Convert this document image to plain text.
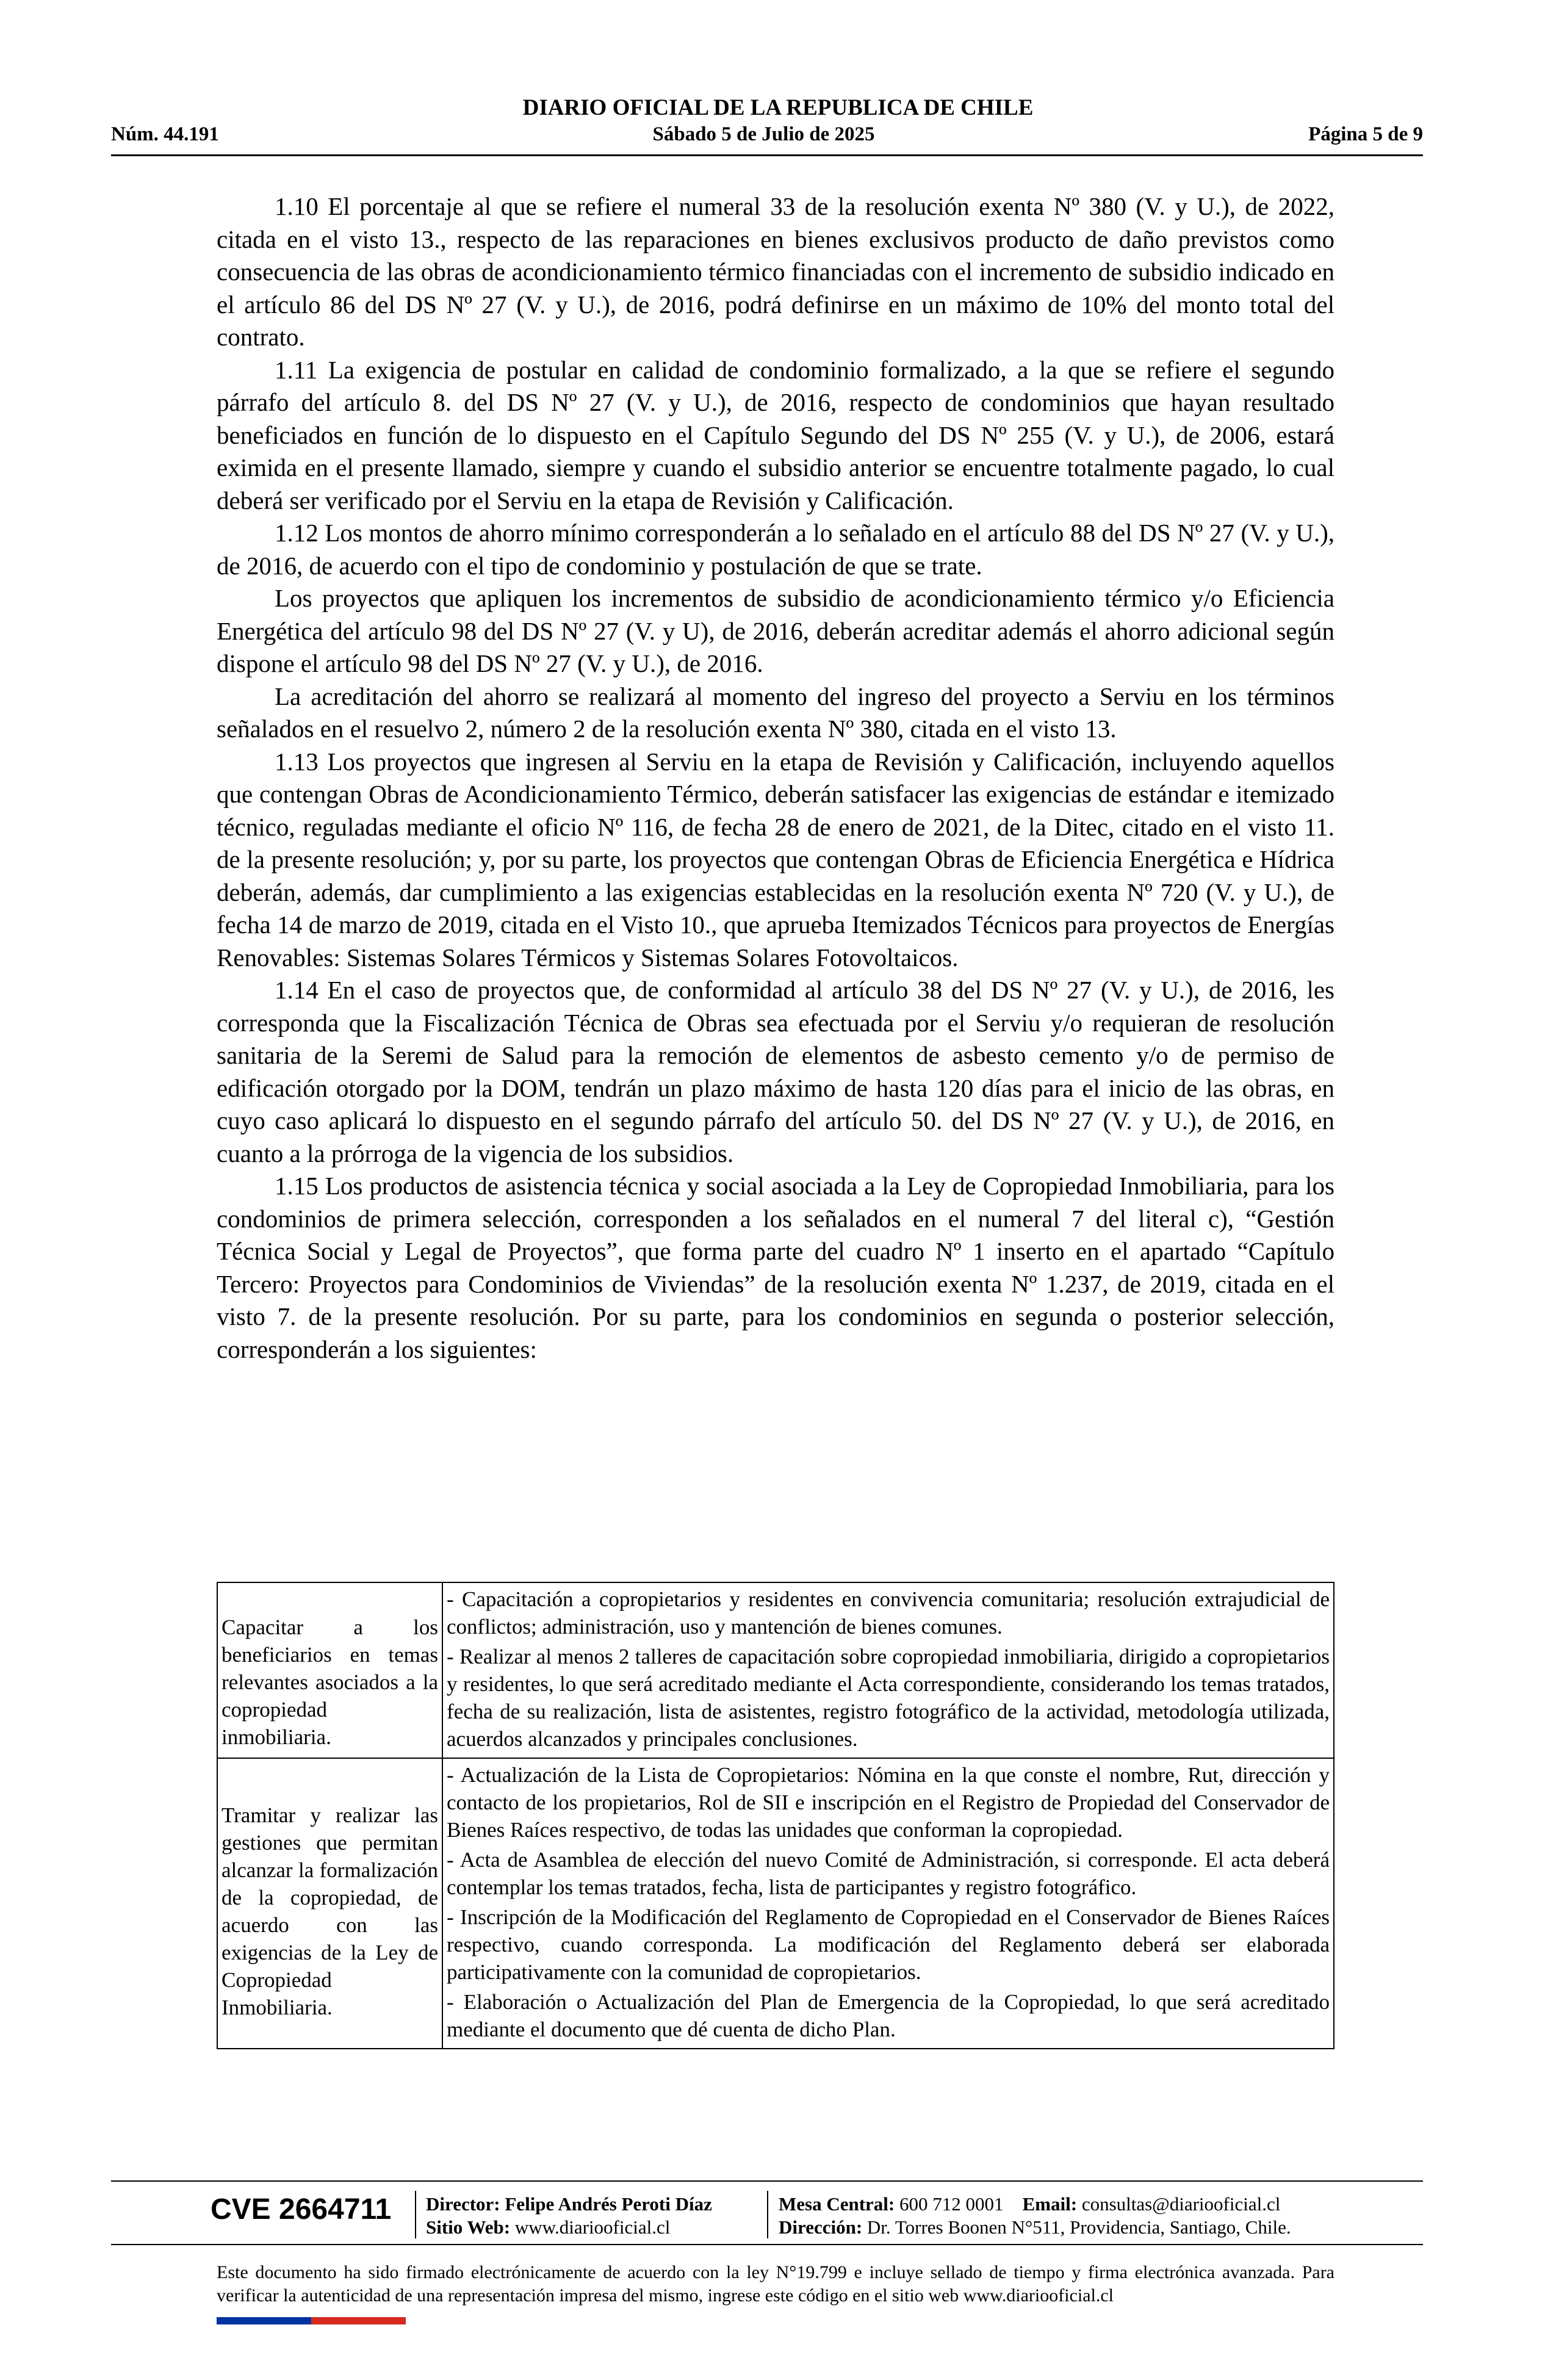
DIARIO OFICIAL DE LA REPUBLICA DE CHILE
Núm. 44.191	Sábado 5 de Julio de 2025	Página 5 de 9

1.10 El porcentaje al que se refiere el numeral 33 de la resolución exenta Nº 380 (V. y U.), de 2022, citada en el visto 13., respecto de las reparaciones en bienes exclusivos producto de daño previstos como consecuencia de las obras de acondicionamiento térmico financiadas con el incremento de subsidio indicado en el artículo 86 del DS Nº 27 (V. y U.), de 2016, podrá definirse en un máximo de 10% del monto total del contrato.

1.11 La exigencia de postular en calidad de condominio formalizado, a la que se refiere el segundo párrafo del artículo 8. del DS Nº 27 (V. y U.), de 2016, respecto de condominios que hayan resultado beneficiados en función de lo dispuesto en el Capítulo Segundo del DS Nº 255 (V. y U.), de 2006, estará eximida en el presente llamado, siempre y cuando el subsidio anterior se encuentre totalmente pagado, lo cual deberá ser verificado por el Serviu en la etapa de Revisión y Calificación.

1.12 Los montos de ahorro mínimo corresponderán a lo señalado en el artículo 88 del DS Nº 27 (V. y U.), de 2016, de acuerdo con el tipo de condominio y postulación de que se trate.

Los proyectos que apliquen los incrementos de subsidio de acondicionamiento térmico y/o Eficiencia Energética del artículo 98 del DS Nº 27 (V. y U), de 2016, deberán acreditar además el ahorro adicional según dispone el artículo 98 del DS Nº 27 (V. y U.), de 2016.

La acreditación del ahorro se realizará al momento del ingreso del proyecto a Serviu en los términos señalados en el resuelvo 2, número 2 de la resolución exenta Nº 380, citada en el visto 13.

1.13 Los proyectos que ingresen al Serviu en la etapa de Revisión y Calificación, incluyendo aquellos que contengan Obras de Acondicionamiento Térmico, deberán satisfacer las exigencias de estándar e itemizado técnico, reguladas mediante el oficio Nº 116, de fecha 28 de enero de 2021, de la Ditec, citado en el visto 11. de la presente resolución; y, por su parte, los proyectos que contengan Obras de Eficiencia Energética e Hídrica deberán, además, dar cumplimiento a las exigencias establecidas en la resolución exenta Nº 720 (V. y U.), de fecha 14 de marzo de 2019, citada en el Visto 10., que aprueba Itemizados Técnicos para proyectos de Energías Renovables: Sistemas Solares Térmicos y Sistemas Solares Fotovoltaicos.

1.14 En el caso de proyectos que, de conformidad al artículo 38 del DS Nº 27 (V. y U.), de 2016, les corresponda que la Fiscalización Técnica de Obras sea efectuada por el Serviu y/o requieran de resolución sanitaria de la Seremi de Salud para la remoción de elementos de asbesto cemento y/o de permiso de edificación otorgado por la DOM, tendrán un plazo máximo de hasta 120 días para el inicio de las obras, en cuyo caso aplicará lo dispuesto en el segundo párrafo del artículo 50. del DS Nº 27 (V. y U.), de 2016, en cuanto a la prórroga de la vigencia de los subsidios.

1.15 Los productos de asistencia técnica y social asociada a la Ley de Copropiedad Inmobiliaria, para los condominios de primera selección, corresponden a los señalados en el numeral 7 del literal c), “Gestión Técnica Social y Legal de Proyectos”, que forma parte del cuadro Nº 1 inserto en el apartado “Capítulo Tercero: Proyectos para Condominios de Viviendas” de la resolución exenta Nº 1.237, de 2019, citada en el visto 7. de la presente resolución. Por su parte, para los condominios en segunda o posterior selección, corresponderán a los siguientes:

Capacitar a los beneficiarios en temas relevantes asociados a la copropiedad inmobiliaria.	- Capacitación a copropietarios y residentes en convivencia comunitaria; resolución extrajudicial de conflictos; administración, uso y mantención de bienes comunes.
- Realizar al menos 2 talleres de capacitación sobre copropiedad inmobiliaria, dirigido a copropietarios y residentes, lo que será acreditado mediante el Acta correspondiente, considerando los temas tratados, fecha de su realización, lista de asistentes, registro fotográfico de la actividad, metodología utilizada, acuerdos alcanzados y principales conclusiones.

Tramitar y realizar las gestiones que permitan alcanzar la formalización de la copropiedad, de acuerdo con las exigencias de la Ley de Copropiedad Inmobiliaria.	- Actualización de la Lista de Copropietarios: Nómina en la que conste el nombre, Rut, dirección y contacto de los propietarios, Rol de SII e inscripción en el Registro de Propiedad del Conservador de Bienes Raíces respectivo, de todas las unidades que conforman la copropiedad.
- Acta de Asamblea de elección del nuevo Comité de Administración, si corresponde. El acta deberá contemplar los temas tratados, fecha, lista de participantes y registro fotográfico.
- Inscripción de la Modificación del Reglamento de Copropiedad en el Conservador de Bienes Raíces respectivo, cuando corresponda. La modificación del Reglamento deberá ser elaborada participativamente con la comunidad de copropietarios.
- Elaboración o Actualización del Plan de Emergencia de la Copropiedad, lo que será acreditado mediante el documento que dé cuenta de dicho Plan.
CVE 2664711 Director: Felipe Andrés Peroti Díaz
Sitio Web: www.diariooficial.cl
Mesa Central: 600 712 0001 Email: consultas@diariooficial.cl
Dirección: Dr. Torres Boonen N°511, Providencia, Santiago, Chile.
Este documento ha sido firmado electrónicamente de acuerdo con la ley N°19.799 e incluye sellado de tiempo y firma electrónica avanzada. Para verificar la autenticidad de una representación impresa del mismo, ingrese este código en el sitio web www.diariooficial.cl
